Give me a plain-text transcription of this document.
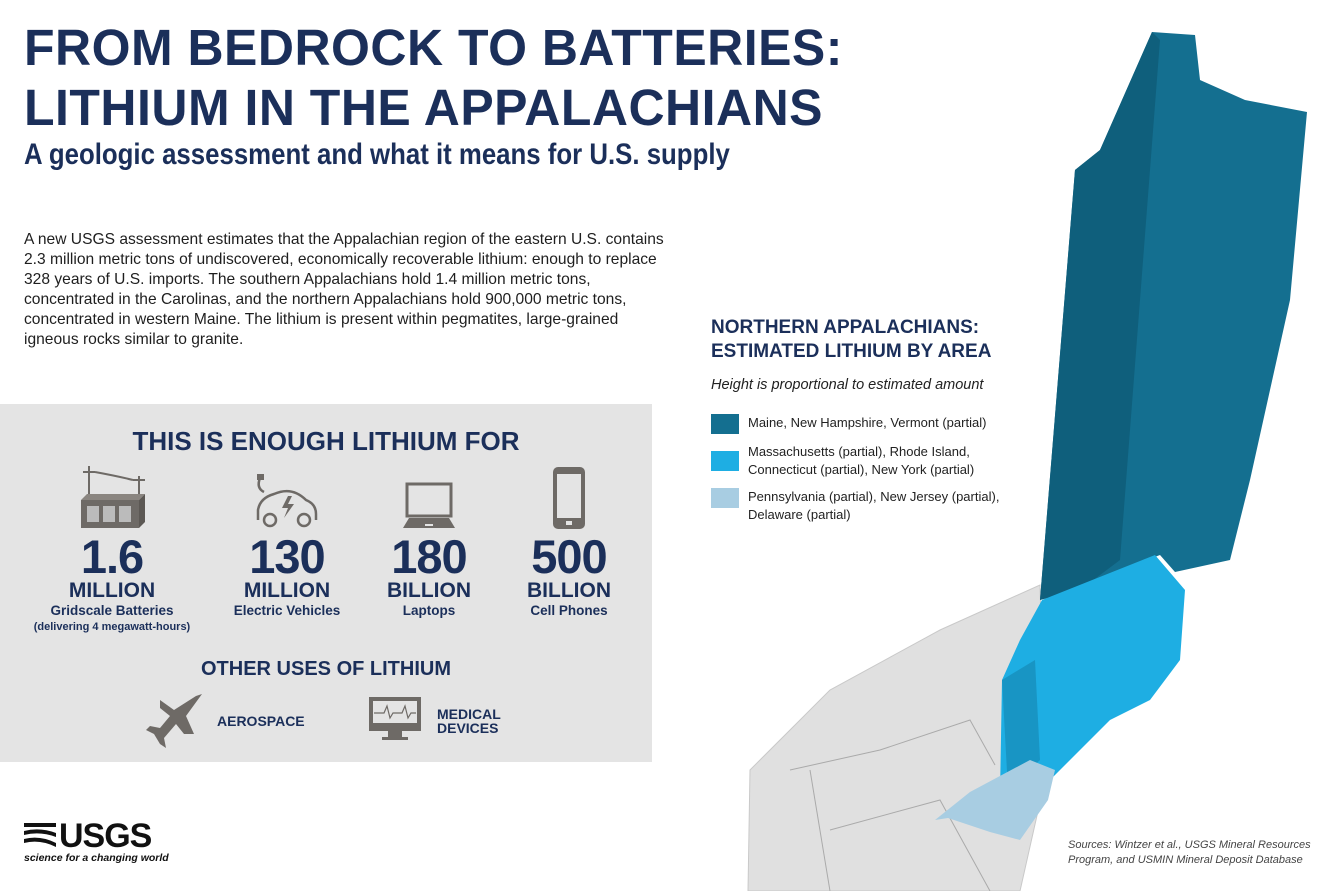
FROM BEDROCK TO BATTERIES:
LITHIUM IN THE APPALACHIANS
A geologic assessment and what it means for U.S. supply
A new USGS assessment estimates that the Appalachian region of the eastern U.S. contains 2.3 million metric tons of undiscovered, economically recoverable lithium: enough to replace 328 years of U.S. imports. The southern Appalachians hold 1.4 million metric tons, concentrated in the Carolinas, and the northern Appalachians hold 900,000 metric tons, concentrated in western Maine. The lithium is present within pegmatites, large-grained igneous rocks similar to granite.
NORTHERN APPALACHIANS:
ESTIMATED LITHIUM BY AREA
Height is proportional to estimated amount
Maine, New Hampshire, Vermont (partial)
Massachusetts (partial), Rhode Island,
Connecticut (partial), New York (partial)
Pennsylvania (partial), New Jersey (partial),
Delaware (partial)
Sources: Wintzer et al., USGS Mineral Resources
Program, and USMIN Mineral Deposit Database
THIS IS ENOUGH LITHIUM FOR
1.6
MILLION
Gridscale Batteries
(delivering 4 megawatt-hours)
130
MILLION
Electric Vehicles
180
BILLION
Laptops
500
BILLION
Cell Phones
OTHER USES OF LITHIUM
AEROSPACE	MEDICAL
DEVICES
USGS
science for a changing world
